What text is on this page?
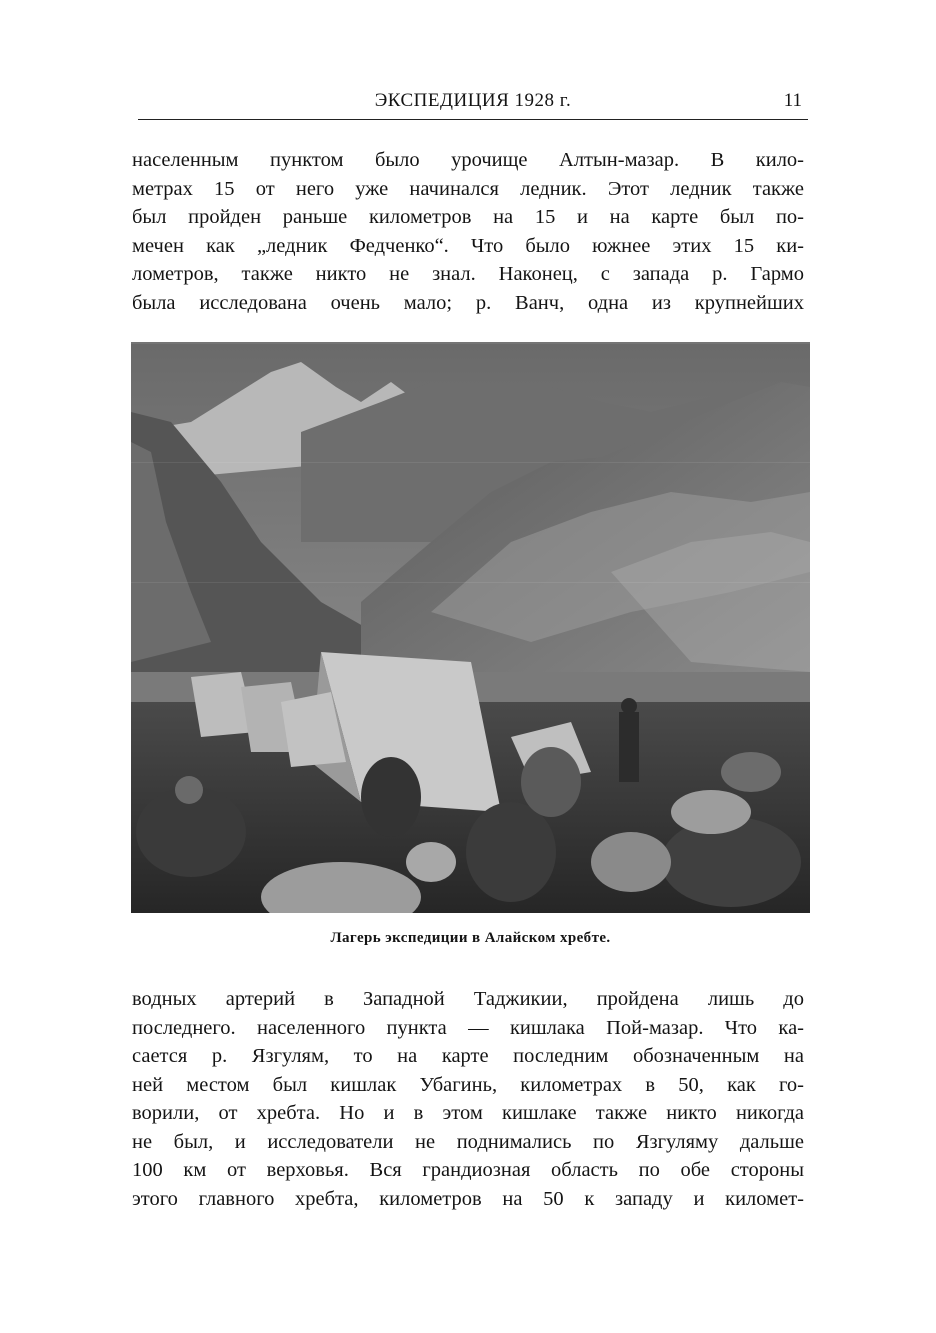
ЭКСПЕДИЦИЯ 1928 г.	11
населенным пунктом было урочище Алтын-мазар. В кило-
метрах 15 от него уже начинался ледник. Этот ледник также
был пройден раньше километров на 15 и на карте был по-
мечен как „ледник Федченко“. Что было южнее этих 15 ки-
лометров, также никто не знал. Наконец, с запада р. Гармо
была исследована очень мало; р. Ванч, одна из крупнейших
Лагерь экспедиции в Алайском хребте.
водных артерий в Западной Таджикии, пройдена лишь до
последнего. населенного пункта — кишлака Пой-мазар. Что ка-
сается р. Язгулям, то на карте последним обозначенным на
ней местом был кишлак Убагинь, километрах в 50, как го-
ворили, от хребта. Но и в этом кишлаке также никто никогда
не был, и исследователи не поднимались по Язгуляму дальше
100 км от верховья. Вся грандиозная область по обе стороны
этого главного хребта, километров на 50 к западу и километ-
